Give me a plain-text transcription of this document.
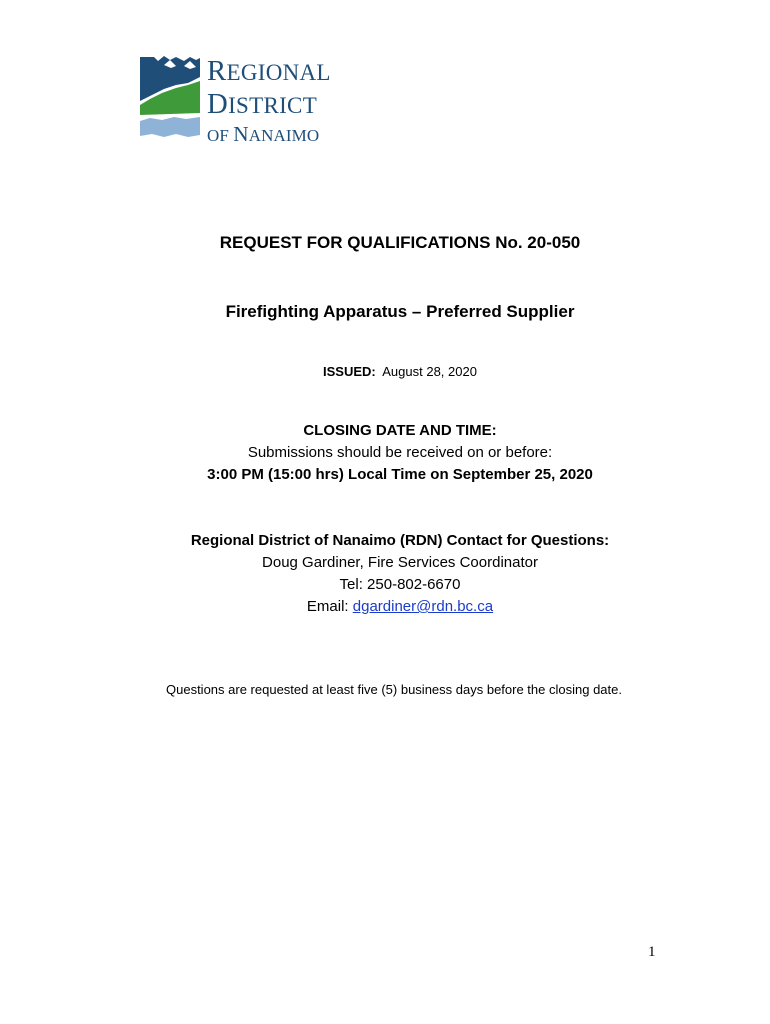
REGIONAL
DISTRICT
OF NANAIMO
REQUEST FOR QUALIFICATIONS No. 20-050
Firefighting Apparatus – Preferred Supplier
ISSUED: August 28, 2020
CLOSING DATE AND TIME:
Submissions should be received on or before:
3:00 PM (15:00 hrs) Local Time on September 25, 2020
Regional District of Nanaimo (RDN) Contact for Questions:
Doug Gardiner, Fire Services Coordinator
Tel: 250-802-6670
Email: dgardiner@rdn.bc.ca
Questions are requested at least five (5) business days before the closing date.
1
